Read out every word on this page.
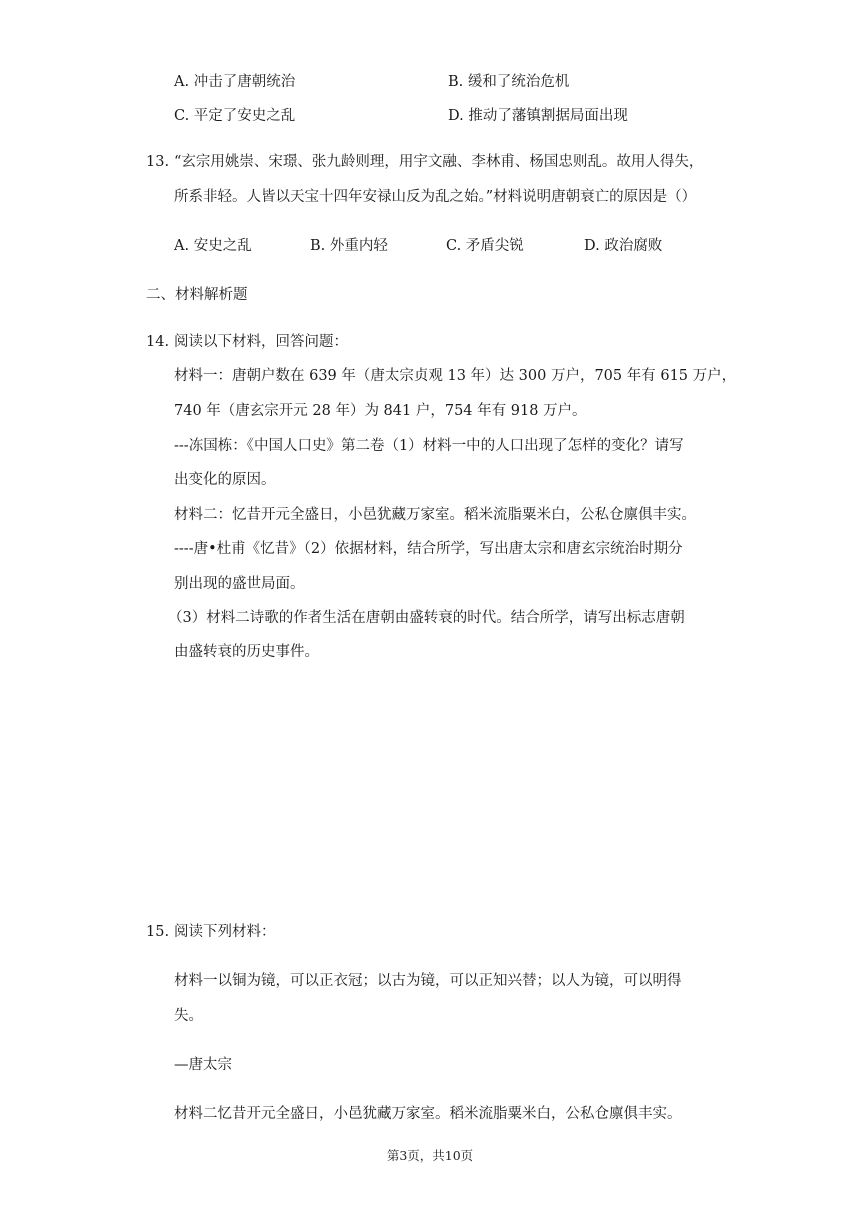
A. 冲击了唐朝统治	B. 缓和了统治危机
C. 平定了安史之乱	D. 推动了藩镇割据局面出现
13. “玄宗用姚崇、宋璟、张九龄则理，用宇文融、李林甫、杨国忠则乱。故用人得失，
所系非轻。人皆以天宝十四年安禄山反为乱之始。”材料说明唐朝衰亡的原因是（）
A. 安史之乱	B. 外重内轻	C. 矛盾尖锐	D. 政治腐败
二、材料解析题
14. 阅读以下材料，回答问题：
材料一：唐朝户数在 639 年（唐太宗贞观 13 年）达 300 万户，705 年有 615 万户，
740 年（唐玄宗开元 28 年）为 841 户，754 年有 918 万户。
---冻国栋：《中国人口史》第二卷（1）材料一中的人口出现了怎样的变化？请写
出变化的原因。
材料二：忆昔开元全盛日，小邑犹藏万家室。稻米流脂粟米白，公私仓廪俱丰实。
----唐•杜甫《忆昔》（2）依据材料，结合所学，写出唐太宗和唐玄宗统治时期分
别出现的盛世局面。
（3）材料二诗歌的作者生活在唐朝由盛转衰的时代。结合所学，请写出标志唐朝
由盛转衰的历史事件。
15. 阅读下列材料：
材料一以铜为镜，可以正衣冠；以古为镜，可以正知兴替；以人为镜，可以明得
失。
—唐太宗
材料二忆昔开元全盛日，小邑犹藏万家室。稻米流脂粟米白，公私仓廪俱丰实。
第3页，共10页
